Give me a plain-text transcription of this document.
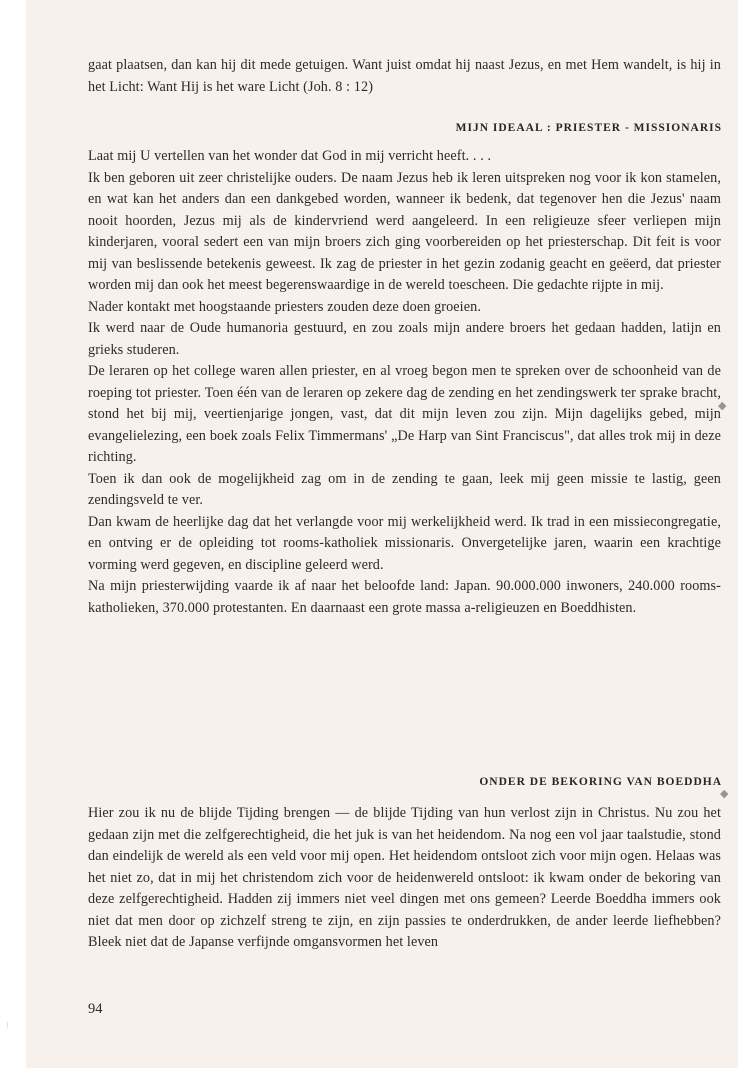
gaat plaatsen, dan kan hij dit mede getuigen. Want juist omdat hij naast Jezus, en met Hem wandelt, is hij in het Licht: Want Hij is het ware Licht (Joh. 8 : 12)

MIJN IDEAAL : PRIESTER - MISSIONARIS

Laat mij U vertellen van het wonder dat God in mij verricht heeft. . . .

Ik ben geboren uit zeer christelijke ouders. De naam Jezus heb ik leren uitspreken nog voor ik kon stamelen, en wat kan het anders dan een dankgebed worden, wanneer ik bedenk, dat tegenover hen die Jezus' naam nooit hoorden, Jezus mij als de kindervriend werd aangeleerd. In een religieuze sfeer verliepen mijn kinderjaren, vooral sedert een van mijn broers zich ging voorbereiden op het priesterschap. Dit feit is voor mij van beslissende betekenis geweest. Ik zag de priester in het gezin zodanig geacht en geëerd, dat priester worden mij dan ook het meest begerenswaardige in de wereld toescheen. Die gedachte rijpte in mij.

Nader kontakt met hoogstaande priesters zouden deze doen groeien.

Ik werd naar de Oude humanoria gestuurd, en zou zoals mijn andere broers het gedaan hadden, latijn en grieks studeren.

De leraren op het college waren allen priester, en al vroeg begon men te spreken over de schoonheid van de roeping tot priester. Toen één van de leraren op zekere dag de zending en het zendingswerk ter sprake bracht, stond het bij mij, veertienjarige jongen, vast, dat dit mijn leven zou zijn. Mijn dagelijks gebed, mijn evangelielezing, een boek zoals Felix Timmermans' „De Harp van Sint Franciscus", dat alles trok mij in deze richting.

Toen ik dan ook de mogelijkheid zag om in de zending te gaan, leek mij geen missie te lastig, geen zendingsveld te ver.

Dan kwam de heerlijke dag dat het verlangde voor mij werkelijkheid werd. Ik trad in een missiecongregatie, en ontving er de opleiding tot rooms-katholiek missionaris. Onvergetelijke jaren, waarin een krachtige vorming werd gegeven, en discipline geleerd werd.

Na mijn priesterwijding vaarde ik af naar het beloofde land: Japan. 90.000.000 inwoners, 240.000 rooms-katholieken, 370.000 protestanten. En daarnaast een grote massa a-religieuzen en Boeddhisten.

ONDER DE BEKORING VAN BOEDDHA

Hier zou ik nu de blijde Tijding brengen — de blijde Tijding van hun verlost zijn in Christus. Nu zou het gedaan zijn met die zelfgerechtigheid, die het juk is van het heidendom. Na nog een vol jaar taalstudie, stond dan eindelijk de wereld als een veld voor mij open. Het heidendom ontsloot zich voor mijn ogen. Helaas was het niet zo, dat in mij het christendom zich voor de heidenwereld ontsloot: ik kwam onder de bekoring van deze zelfgerechtigheid. Hadden zij immers niet veel dingen met ons gemeen? Leerde Boeddha immers ook niet dat men door op zichzelf streng te zijn, en zijn passies te onderdrukken, de ander leerde liefhebben? Bleek niet dat de Japanse verfijnde omgansvormen het leven

94
◆
◆
⁝
